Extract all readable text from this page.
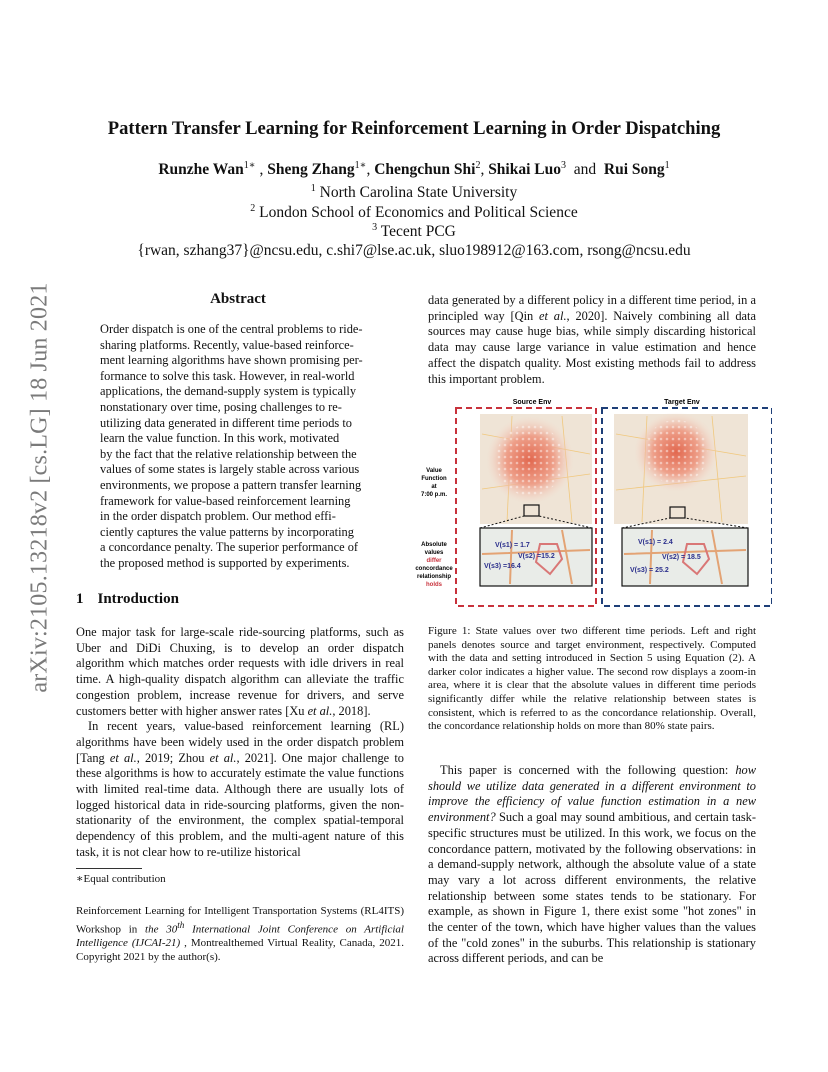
arXiv:2105.13218v2 [cs.LG] 18 Jun 2021
Pattern Transfer Learning for Reinforcement Learning in Order Dispatching
Runzhe Wan$^{1∗}$ , Sheng Zhang$^{1∗}$, Chengchun Shi$^2$, Shikai Luo$^3$ and Rui Song$^1$
$^1$ North Carolina State University
$^2$ London School of Economics and Political Science
$^3$ Tecent PCG
{rwan, szhang37}@ncsu.edu, c.shi7@lse.ac.uk, sluo198912@163.com, rsong@ncsu.edu
Abstract
Order dispatch is one of the central problems to ride-
sharing platforms. Recently, value-based reinforce-
ment learning algorithms have shown promising per-
formance to solve this task. However, in real-world
applications, the demand-supply system is typically
nonstationary over time, posing challenges to re-
utilizing data generated in different time periods to
learn the value function. In this work, motivated
by the fact that the relative relationship between the
values of some states is largely stable across various
environments, we propose a pattern transfer learning
framework for value-based reinforcement learning
in the order dispatch problem. Our method effi-
ciently captures the value patterns by incorporating
a concordance penalty. The superior performance of
the proposed method is supported by experiments.
1 Introduction

One major task for large-scale ride-sourcing platforms, such as Uber and DiDi Chuxing, is to develop an order dispatch algorithm which matches order requests with idle drivers in real time. A high-quality dispatch algorithm can alleviate the traffic congestion problem, increase revenue for drivers, and serve customers better with higher answer rates [Xu et al., 2018].

In recent years, value-based reinforcement learning (RL) algorithms have been widely used in the order dispatch problem [Tang et al., 2019; Zhou et al., 2021]. One major challenge to these algorithms is how to accurately estimate the value functions with limited real-time data. Although there are usually lots of logged historical data in ride-sourcing platforms, given the non-stationarity of the environment, the complex spatial-temporal dependency of this problem, and the multi-agent nature of this task, it is not clear how to re-utilize historical

∗Equal contribution
Reinforcement Learning for Intelligent Transportation Systems (RL4ITS) Workshop in the 30th International Joint Conference on Artificial Intelligence (IJCAI-21) , Montrealthemed Virtual Reality, Canada, 2021. Copyright 2021 by the author(s).

data generated by a different policy in a different time period, in a principled way [Qin et al., 2020]. Naively combining all data sources may cause huge bias, while simply discarding historical data may cause large variance in value estimation and hence affect the dispatch quality. Most existing methods fail to address this important problem.

Source Env
V(s1) = 1.7
V(s2) =15.2
V(s3) =16.4
Target Env
V(s1) = 2.4
V(s2) = 18.5
V(s3) = 25.2
Value
Function
at
7:00 p.m.
Absolute
values
differ
concordance
relationship
holds
Figure 1: State values over two different time periods. Left and right panels denotes source and target environment, respectively. Computed with the data and setting introduced in Section 5 using Equation (2). A darker color indicates a higher value. The second row displays a zoom-in area, where it is clear that the absolute values in different time periods significantly differ while the relative relationship between states is consistent, which is referred to as the concordance relationship. Overall, the concordance relationship holds on more than 80% state pairs.

This paper is concerned with the following question: how should we utilize data generated in a different environment to improve the efficiency of value function estimation in a new environment? Such a goal may sound ambitious, and certain task-specific structures must be utilized. In this work, we focus on the concordance pattern, motivated by the following observations: in a demand-supply network, although the absolute value of a state may vary a lot across different environments, the relative relationship between some states tends to be stationary. For example, as shown in Figure 1, there exist some "hot zones" in the center of the town, which have higher values than the values of the "cold zones" in the suburbs. This relationship is stationary across different periods, and can be
